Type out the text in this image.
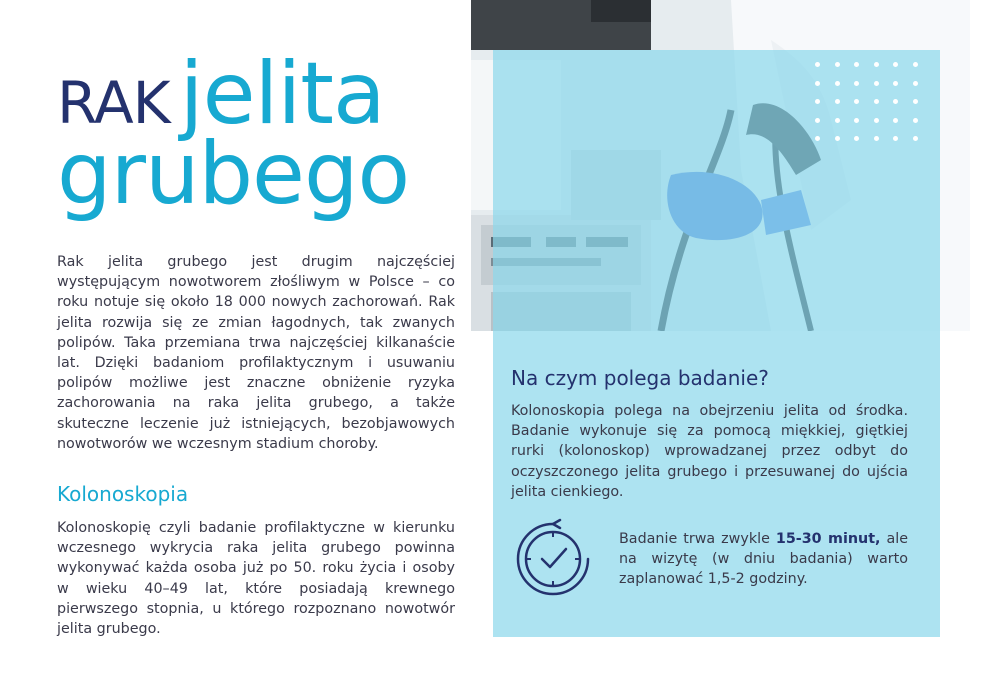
RAK jelita
grubego

Rak jelita grubego jest drugim najczęściej występującym nowotworem złośliwym w Polsce – co roku notuje się około 18 000 nowych zachorowań. Rak jelita rozwija się ze zmian łagodnych, tak zwanych polipów. Taka przemiana trwa najczęściej kilkanaście lat. Dzięki badaniom profilaktycznym i usuwaniu polipów możliwe jest znaczne obniżenie ryzyka zachorowania na raka jelita grubego, a także skuteczne leczenie już istniejących, bezobjawowych nowotworów we wczesnym stadium choroby.

Kolonoskopia

Kolonoskopię czyli badanie profilaktyczne w kierunku wczesnego wykrycia raka jelita grubego powinna wykonywać każda osoba już po 50. roku życia i osoby w wieku 40–49 lat, które posiadają krewnego pierwszego stopnia, u którego rozpoznano nowotwór jelita grubego.

Na czym polega badanie?

Kolonoskopia polega na obejrzeniu jelita od środka. Badanie wykonuje się za pomocą miękkiej, giętkiej rurki (kolonoskop) wprowadzanej przez odbyt do oczyszczonego jelita grubego i przesuwanej do ujścia jelita cienkiego.

Badanie trwa zwykle 15-30 minut, ale na wizytę (w dniu badania) warto zaplanować 1,5-2 godziny.
